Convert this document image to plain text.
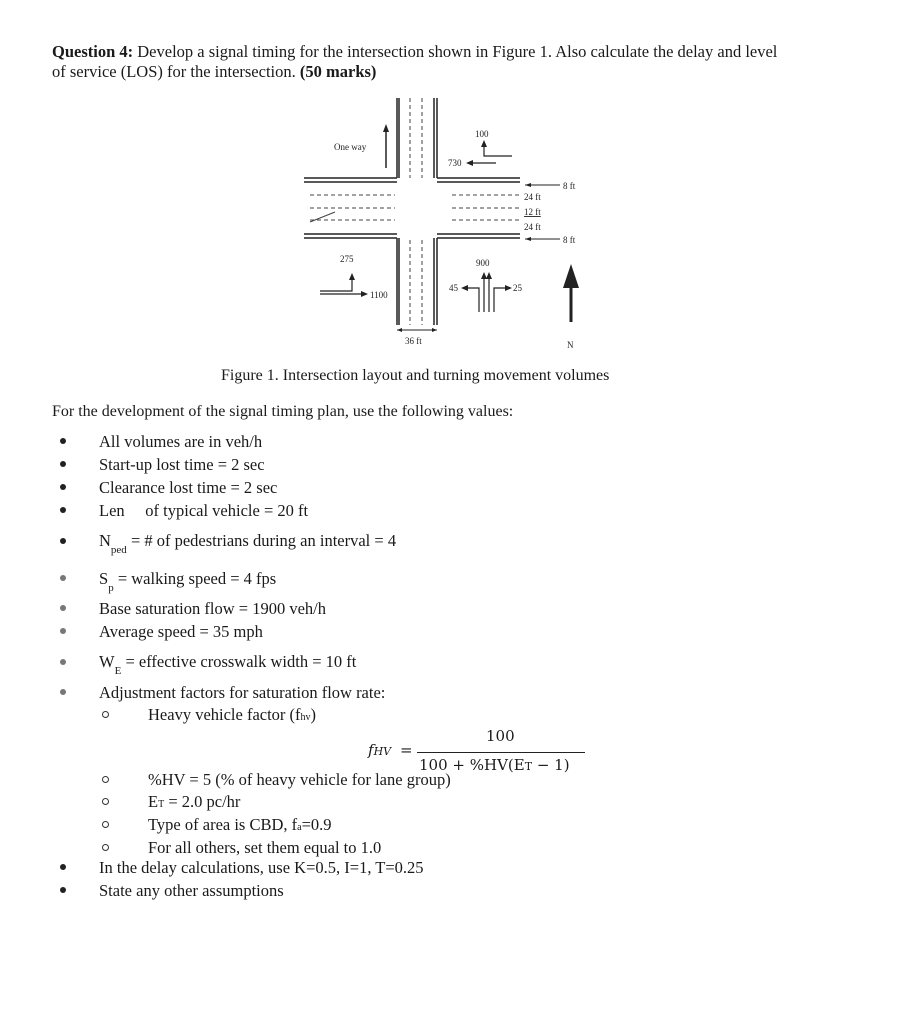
Question 4: Develop a signal timing for the intersection shown in Figure 1. Also calculate the delay and level
of service (LOS) for the intersection. (50 marks)
36 ft
One way
100
730
8 ft
24 ft
12 ft
24 ft
8 ft
275
1100
900
45	25
N
Figure 1. Intersection layout and turning movement volumes
For the development of the signal timing plan, use the following values:
All volumes are in veh/h
Start-up lost time = 2 sec
Clearance lost time = 2 sec
Len of typical vehicle = 20 ft
$N_{ped}$ = # of pedestrians during an interval = 4
$S_p$ = walking speed = 4 fps
Base saturation flow = 1900 veh/h
Average speed = 35 mph
$W_E$ = effective crosswalk width = 10 ft
Adjustment factors for saturation flow rate:
Heavy vehicle factor (fhv)
fHV =
100
100 + %HV(ET − 1)
%HV = 5 (% of heavy vehicle for lane group)
ET = 2.0 pc/hr
Type of area is CBD, fa=0.9
For all others, set them equal to 1.0
In the delay calculations, use K=0.5, I=1, T=0.25
State any other assumptions
